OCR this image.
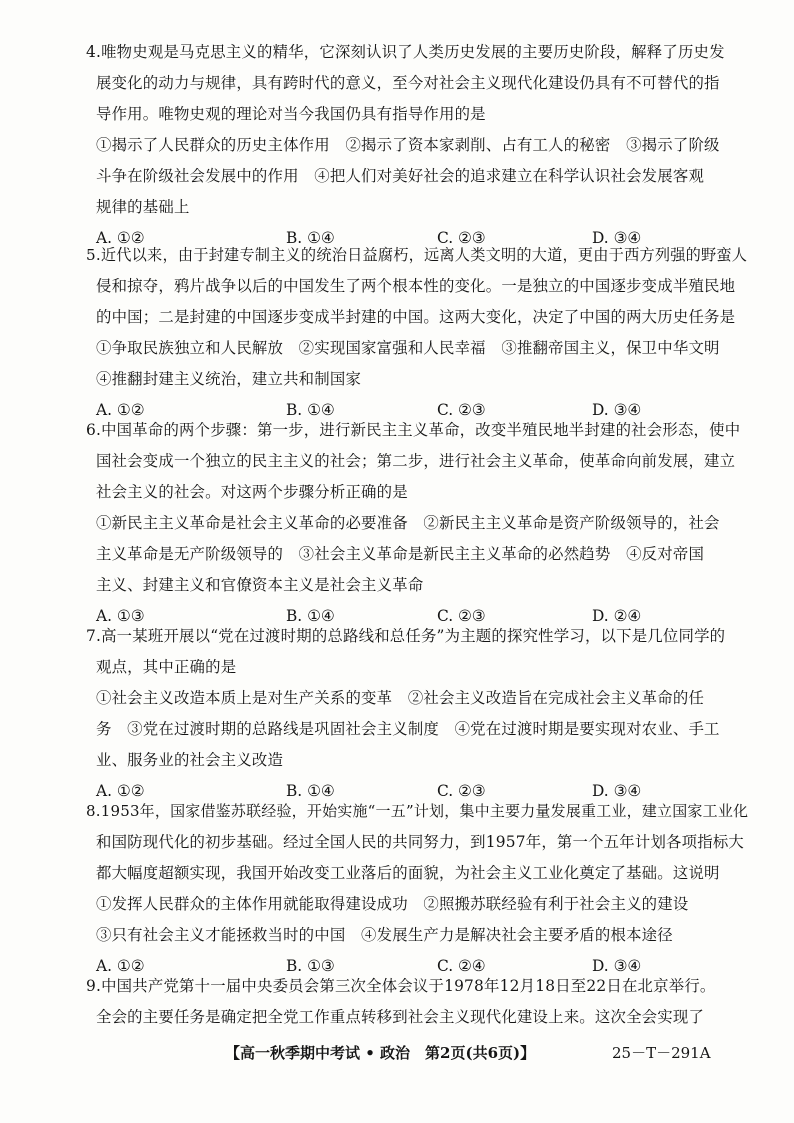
4.唯物史观是马克思主义的精华，它深刻认识了人类历史发展的主要历史阶段，解释了历史发
展变化的动力与规律，具有跨时代的意义，至今对社会主义现代化建设仍具有不可替代的指
导作用。唯物史观的理论对当今我国仍具有指导作用的是
①揭示了人民群众的历史主体作用　②揭示了资本家剥削、占有工人的秘密　③揭示了阶级
斗争在阶级社会发展中的作用　④把人们对美好社会的追求建立在科学认识社会发展客观
规律的基础上
A. ①②	B. ①④	C. ②③	D. ③④
5.近代以来，由于封建专制主义的统治日益腐朽，远离人类文明的大道，更由于西方列强的野蛮人
侵和掠夺，鸦片战争以后的中国发生了两个根本性的变化。一是独立的中国逐步变成半殖民地
的中国；二是封建的中国逐步变成半封建的中国。这两大变化，决定了中国的两大历史任务是
①争取民族独立和人民解放　②实现国家富强和人民幸福　③推翻帝国主义，保卫中华文明
④推翻封建主义统治，建立共和制国家
A. ①②	B. ①④	C. ②③	D. ③④
6.中国革命的两个步骤：第一步，进行新民主主义革命，改变半殖民地半封建的社会形态，使中
国社会变成一个独立的民主主义的社会；第二步，进行社会主义革命，使革命向前发展，建立
社会主义的社会。对这两个步骤分析正确的是
①新民主主义革命是社会主义革命的必要准备　②新民主主义革命是资产阶级领导的，社会
主义革命是无产阶级领导的　③社会主义革命是新民主主义革命的必然趋势　④反对帝国
主义、封建主义和官僚资本主义是社会主义革命
A. ①③	B. ①④	C. ②③	D. ②④
7.高一某班开展以“党在过渡时期的总路线和总任务”为主题的探究性学习，以下是几位同学的
观点，其中正确的是
①社会主义改造本质上是对生产关系的变革　②社会主义改造旨在完成社会主义革命的任
务　③党在过渡时期的总路线是巩固社会主义制度　④党在过渡时期是要实现对农业、手工
业、服务业的社会主义改造
A. ①②	B. ①④	C. ②③	D. ③④
8.1953年，国家借鉴苏联经验，开始实施“一五”计划，集中主要力量发展重工业，建立国家工业化
和国防现代化的初步基础。经过全国人民的共同努力，到1957年，第一个五年计划各项指标大
都大幅度超额实现，我国开始改变工业落后的面貌，为社会主义工业化奠定了基础。这说明
①发挥人民群众的主体作用就能取得建设成功　②照搬苏联经验有利于社会主义的建设
③只有社会主义才能拯救当时的中国　④发展生产力是解决社会主要矛盾的根本途径
A. ①②	B. ①③	C. ②④	D. ③④
9.中国共产党第十一届中央委员会第三次全体会议于1978年12月18日至22日在北京举行。
全会的主要任务是确定把全党工作重点转移到社会主义现代化建设上来。这次全会实现了
【高一秋季期中考试 • 政治　第2页(共6页)】	25－T－291A
